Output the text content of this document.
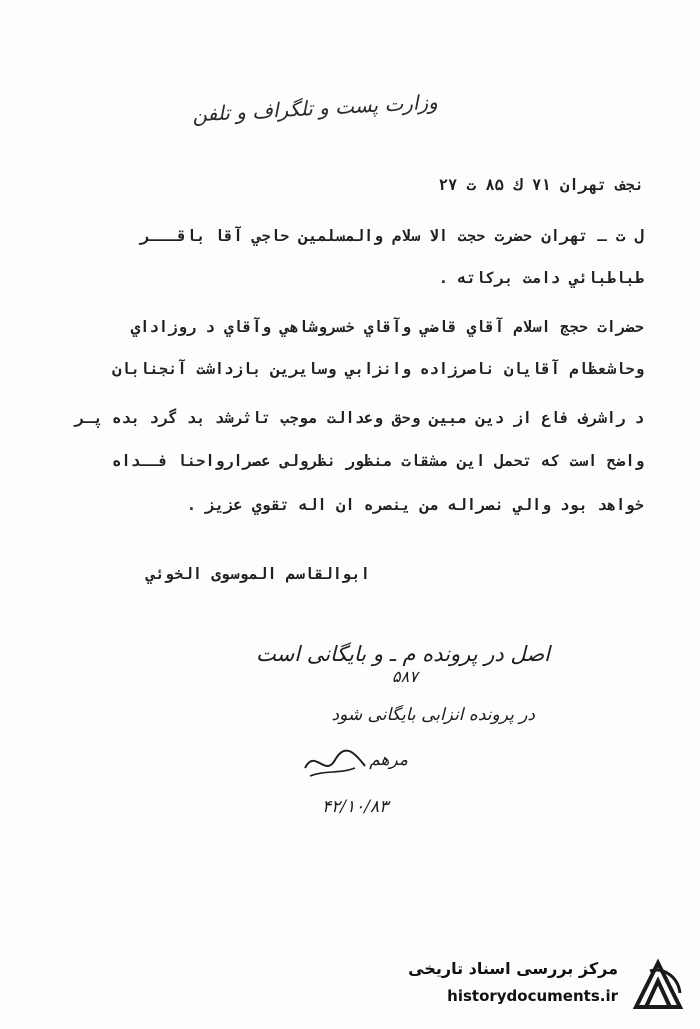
وزارت پست و تلگراف و تلفن
نجف تهران ۷۱ ك ۸۵ ت ۲۷
ل ت ـ تهران حضرت حجت الا سلام والمسلمين حاجي آقا باقـــر
طباطبائي دامت بركاته .
حضرات حجج اسلام آقاي قاضي وآقاي خسروشاهي وآقاي د روزاداي
وحاشعظام آقايان ناصرزاده وانزابي وسايرين بازداشت آنجنابان
د راشرف فاع از دين مبين وحق وعدالت موجب تاثرشد بد گرد بده پـر
واضح است كه تحمل اين مشقات منظور نظرولى عصرارواحنا فــداه
خواهد بود والي نصراله من ينصره ان اله تقوي عزيز .
ابوالقاسم الموسوى الخوئي
اصل در پرونده م ـ و بایگانی است
۵۸۷
در پرونده انزابی بایگانی شود
مرهم
۴۲/۱۰/۸۳
مرکز بررسی اسناد تاریخی
historydocuments.ir
